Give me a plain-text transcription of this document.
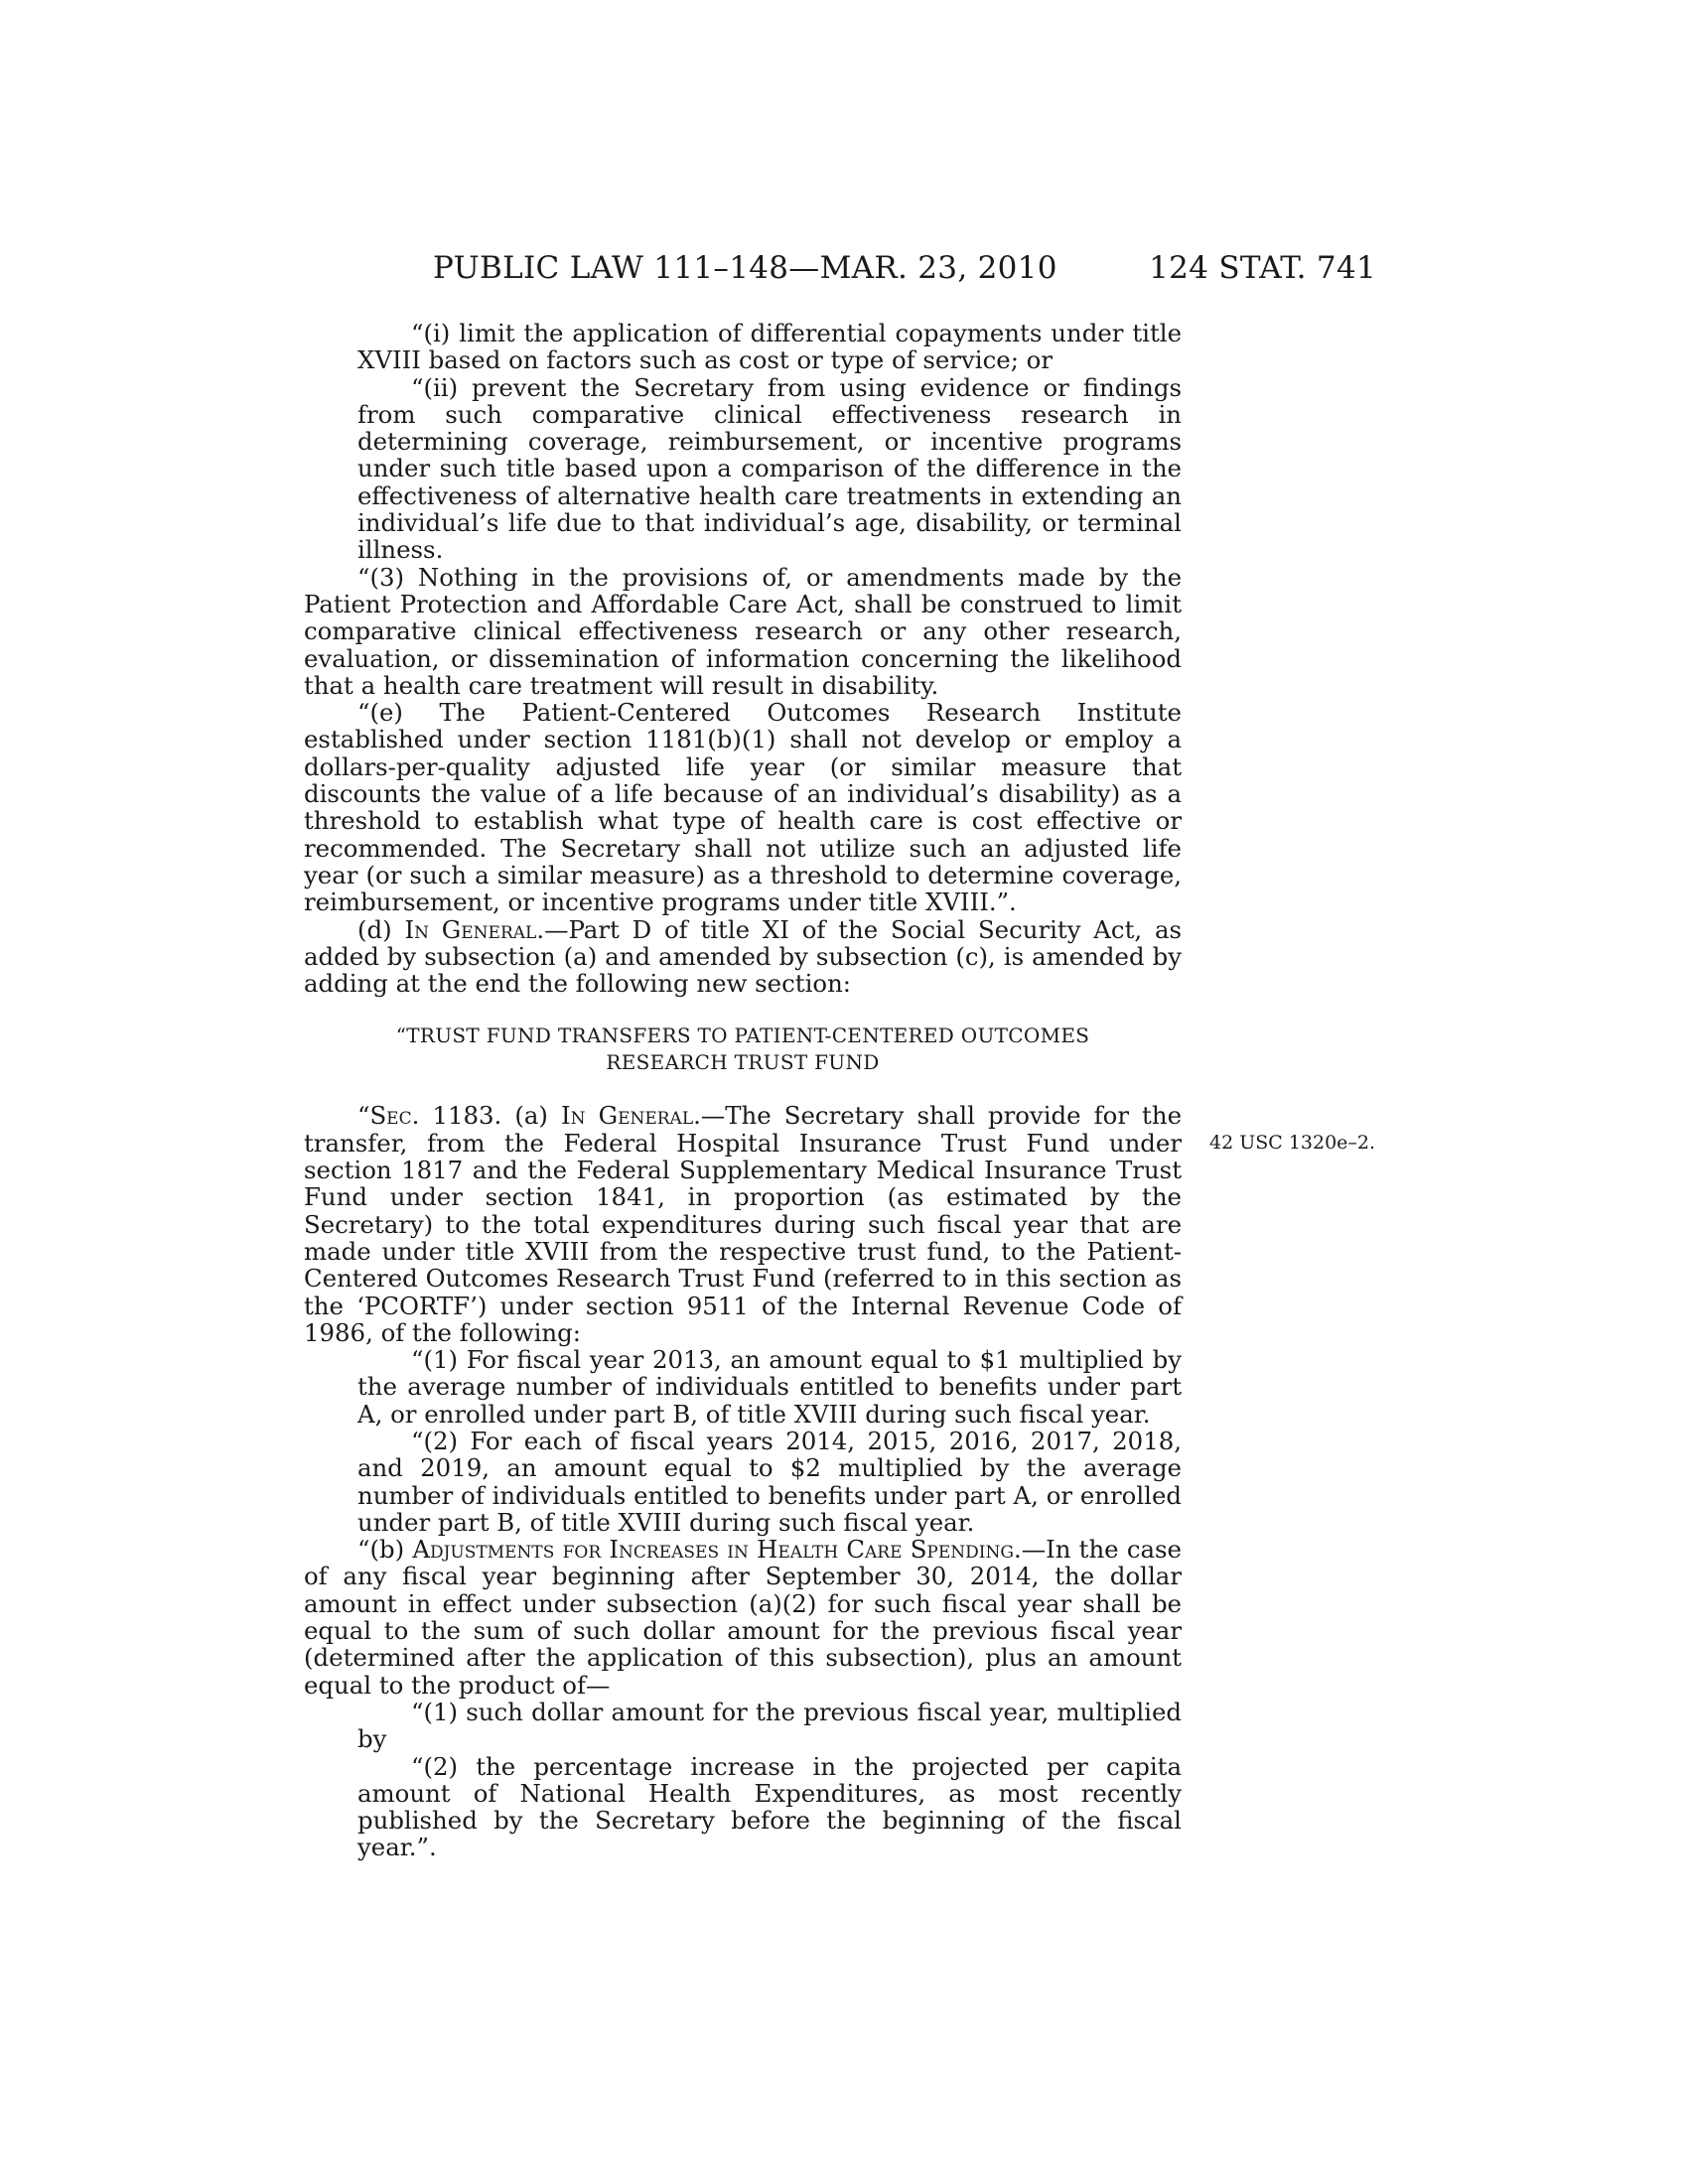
PUBLIC LAW 111–148—MAR. 23, 2010	124 STAT. 741
42 USC 1320e–2.

“(i) limit the application of differential copayments under title XVIII based on factors such as cost or type of service; or

“(ii) prevent the Secretary from using evidence or findings from such comparative clinical effectiveness research in determining coverage, reimbursement, or incentive programs under such title based upon a comparison of the difference in the effectiveness of alternative health care treatments in extending an individual’s life due to that individual’s age, disability, or terminal illness.

“(3) Nothing in the provisions of, or amendments made by the Patient Protection and Affordable Care Act, shall be construed to limit comparative clinical effectiveness research or any other research, evaluation, or dissemination of information concerning the likelihood that a health care treatment will result in disability.

“(e) The Patient-Centered Outcomes Research Institute established under section 1181(b)(1) shall not develop or employ a dollars-per-quality adjusted life year (or similar measure that discounts the value of a life because of an individual’s disability) as a threshold to establish what type of health care is cost effective or recommended. The Secretary shall not utilize such an adjusted life year (or such a similar measure) as a threshold to determine coverage, reimbursement, or incentive programs under title XVIII.”.

(d) In General.—Part D of title XI of the Social Security Act, as added by subsection (a) and amended by subsection (c), is amended by adding at the end the following new section:

“TRUST FUND TRANSFERS TO PATIENT-CENTERED OUTCOMES
RESEARCH TRUST FUND

“Sec. 1183. (a) In General.—The Secretary shall provide for the transfer, from the Federal Hospital Insurance Trust Fund under section 1817 and the Federal Supplementary Medical Insurance Trust Fund under section 1841, in proportion (as estimated by the Secretary) to the total expenditures during such fiscal year that are made under title XVIII from the respective trust fund, to the Patient-Centered Outcomes Research Trust Fund (referred to in this section as the ‘PCORTF’) under section 9511 of the Internal Revenue Code of 1986, of the following:

“(1) For fiscal year 2013, an amount equal to $1 multiplied by the average number of individuals entitled to benefits under part A, or enrolled under part B, of title XVIII during such fiscal year.

“(2) For each of fiscal years 2014, 2015, 2016, 2017, 2018, and 2019, an amount equal to $2 multiplied by the average number of individuals entitled to benefits under part A, or enrolled under part B, of title XVIII during such fiscal year.

“(b) Adjustments for Increases in Health Care Spending.—In the case of any fiscal year beginning after September 30, 2014, the dollar amount in effect under subsection (a)(2) for such fiscal year shall be equal to the sum of such dollar amount for the previous fiscal year (determined after the application of this subsection), plus an amount equal to the product of—

“(1) such dollar amount for the previous fiscal year, multiplied by

“(2) the percentage increase in the projected per capita amount of National Health Expenditures, as most recently published by the Secretary before the beginning of the fiscal year.”.
